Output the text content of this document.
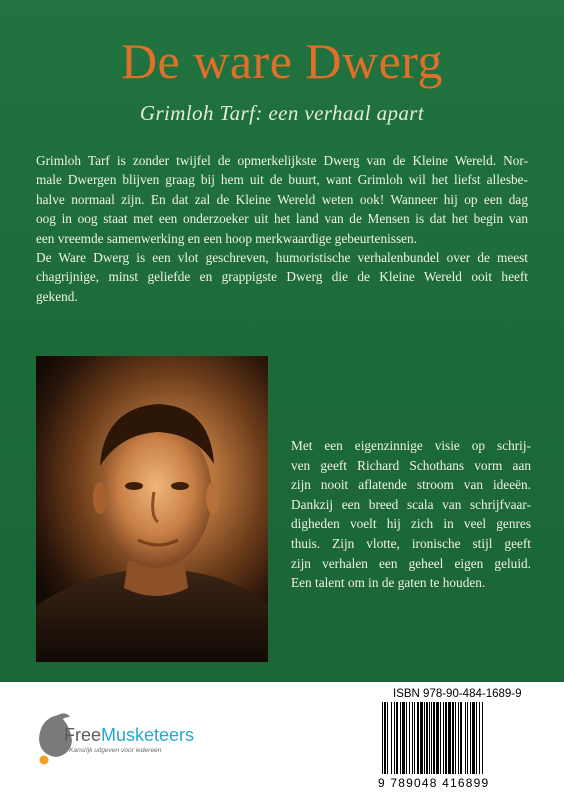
De ware Dwerg
Grimloh Tarf: een verhaal apart

Grimloh Tarf is zonder twijfel de opmerkelijkste Dwerg van de Kleine Wereld. Nor-

male Dwergen blijven graag bij hem uit de buurt, want Grimloh wil het liefst allesbe-

halve normaal zijn. En dat zal de Kleine Wereld weten ook! Wanneer hij op een dag

oog in oog staat met een onderzoeker uit het land van de Mensen is dat het begin van

een vreemde samenwerking en een hoop merkwaardige gebeurtenissen.

De Ware Dwerg is een vlot geschreven, humoristische verhalenbundel over de meest

chagrijnige, minst geliefde en grappigste Dwerg die de Kleine Wereld ooit heeft

gekend.

Met een eigenzinnige visie op schrij-
ven geeft Richard Schothans vorm aan
zijn nooit aflatende stroom van ideeën.
Dankzij een breed scala van schrijfvaar-
digheden voelt hij zich in veel genres
thuis. Zijn vlotte, ironische stijl geeft
zijn verhalen een geheel eigen geluid.
Een talent om in de gaten te houden.
FreeMusketeers
Kansrijk uitgeven voor iedereen
ISBN 978-90-484-1689-9
9 789048 416899
